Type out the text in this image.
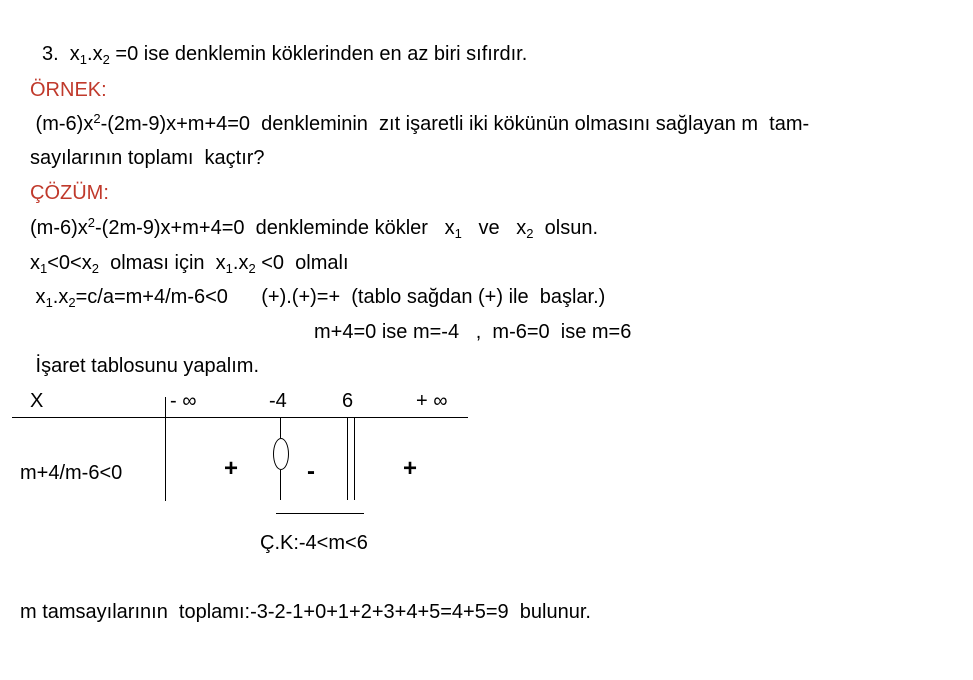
3.  $x_1.x_2 =0$ ise denklemin köklerinden en az biri sıfırdır.
ÖRNEK:
$(m-6)x^2-(2m-9)x+m+4=0$  denkleminin  zıt işaretli iki kökünün olmasını sağlayan m  tam-
sayılarının toplamı  kaçtır?
ÇÖZÜM:
$(m-6)x^2-(2m-9)x+m+4=0$  denkleminde kökler   $x_1$   ve   $x_2$  olsun.
$x_1<0<x_2$  olması için  $x_1.x_2 <0$  olmalı
$x_1.x_2=c/a=m+4/m-6<0$      (+).(+)=+  (tablo sağdan (+) ile  başlar.)
m+4=0 ise m=-4   ,  m-6=0  ise m=6
İşaret tablosunu yapalım.
X	- ∞	-4	6	+ ∞
m+4/m-6<0	+	-	+
Ç.K:-4<m<6
m tamsayılarının  toplamı:-3-2-1+0+1+2+3+4+5=4+5=9  bulunur.
